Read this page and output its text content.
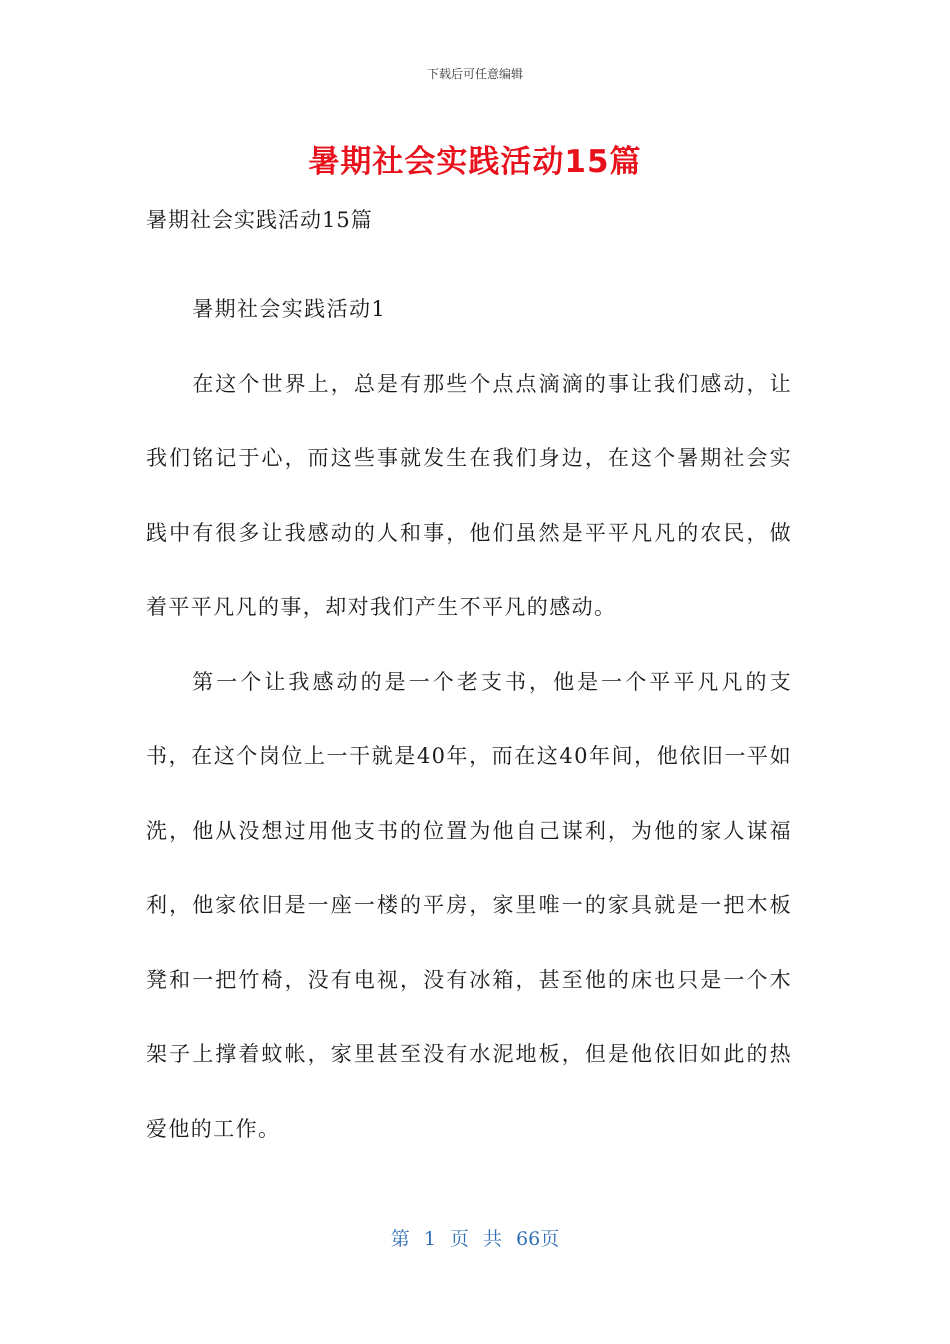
下载后可任意编辑
暑期社会实践活动15篇

暑期社会实践活动15篇

暑期社会实践活动1

在这个世界上，总是有那些个点点滴滴的事让我们感动，让我们铭记于心，而这些事就发生在我们身边，在这个暑期社会实践中有很多让我感动的人和事，他们虽然是平平凡凡的农民，做着平平凡凡的事，却对我们产生不平凡的感动。

第一个让我感动的是一个老支书，他是一个平平凡凡的支书，在这个岗位上一干就是40年，而在这40年间，他依旧一平如洗，他从没想过用他支书的位置为他自己谋利，为他的家人谋福利，他家依旧是一座一楼的平房，家里唯一的家具就是一把木板凳和一把竹椅，没有电视，没有冰箱，甚至他的床也只是一个木架子上撑着蚊帐，家里甚至没有水泥地板，但是他依旧如此的热爱他的工作。

第 1 页 共 66页
